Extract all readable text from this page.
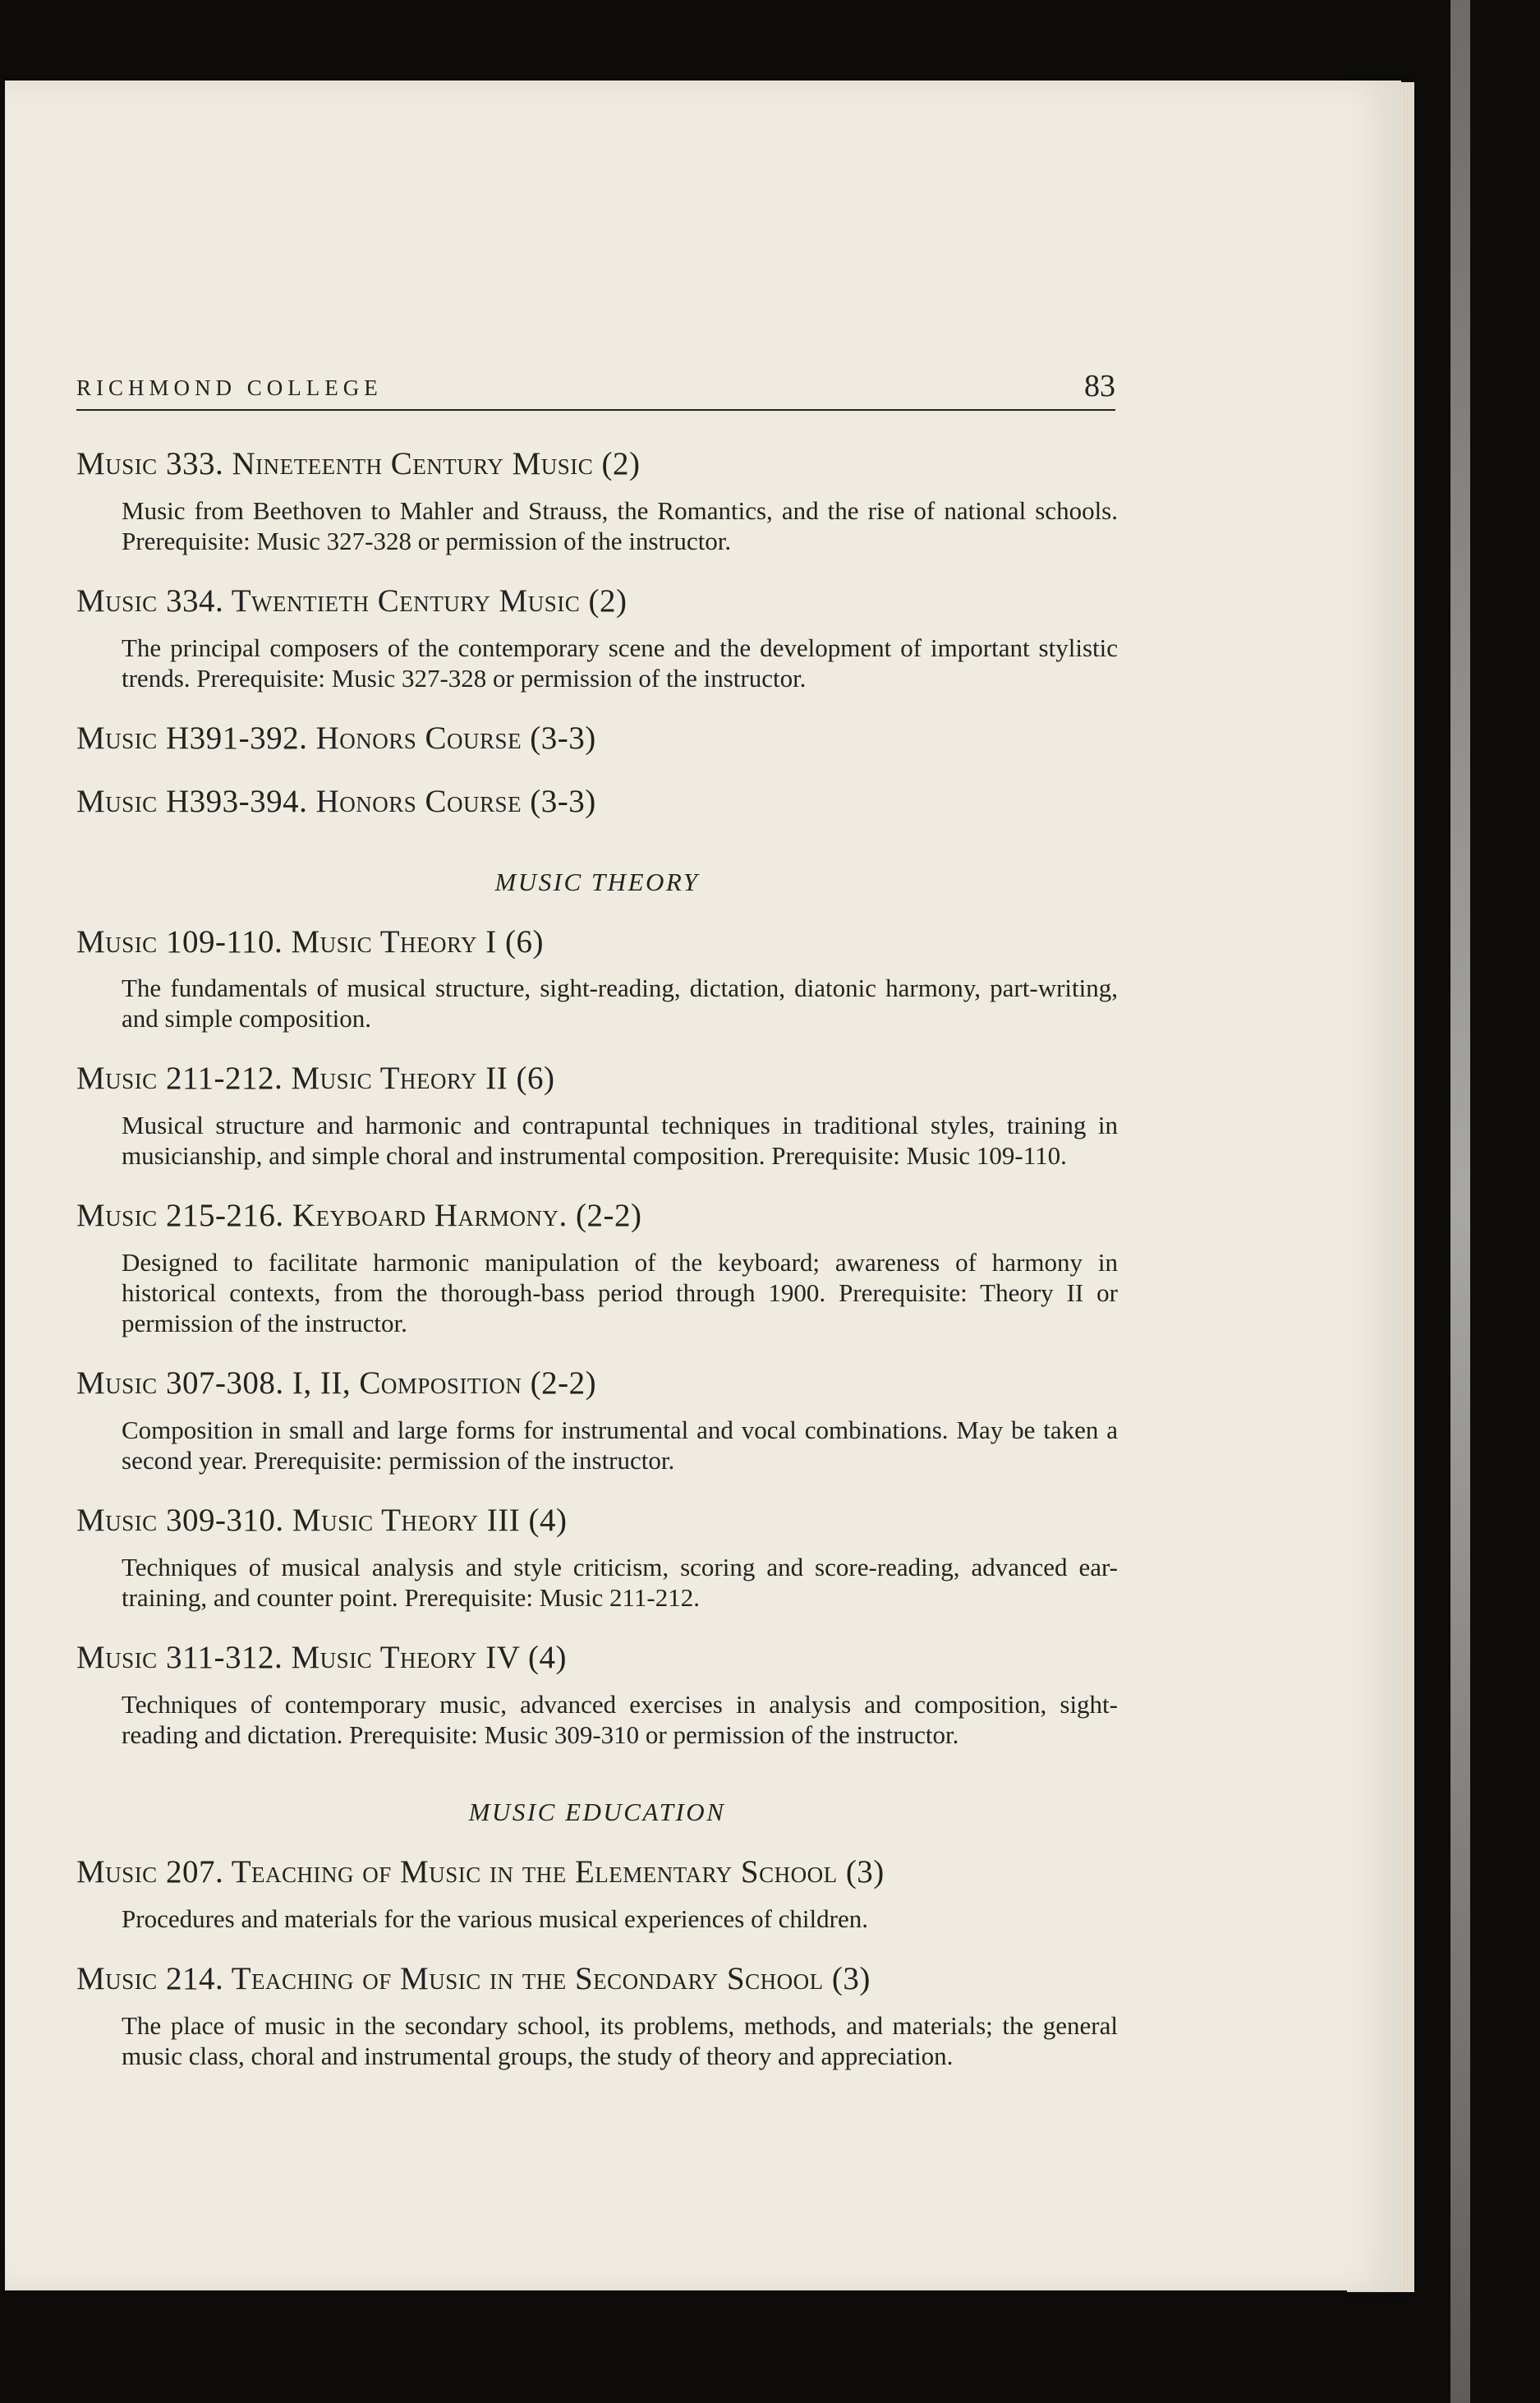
RICHMOND COLLEGE	83
Music 333. Nineteenth Century Music (2)

Music from Beethoven to Mahler and Strauss, the Romantics, and the rise of national schools. Prerequisite: Music 327-328 or permission of the instructor.

Music 334. Twentieth Century Music (2)

The principal composers of the contemporary scene and the development of important stylistic trends. Prerequisite: Music 327-328 or permission of the instructor.

Music H391-392. Honors Course (3-3)
Music H393-394. Honors Course (3-3)
MUSIC THEORY
Music 109-110. Music Theory I (6)

The fundamentals of musical structure, sight-reading, dictation, diatonic harmony, part-writing, and simple composition.

Music 211-212. Music Theory II (6)

Musical structure and harmonic and contrapuntal techniques in traditional styles, training in musicianship, and simple choral and instrumental composition. Prerequisite: Music 109-110.

Music 215-216. Keyboard Harmony. (2-2)

Designed to facilitate harmonic manipulation of the keyboard; awareness of harmony in historical contexts, from the thorough-bass period through 1900. Prerequisite: Theory II or permission of the instructor.

Music 307-308. I, II, Composition (2-2)

Composition in small and large forms for instrumental and vocal combinations. May be taken a second year. Prerequisite: permission of the instructor.

Music 309-310. Music Theory III (4)

Techniques of musical analysis and style criticism, scoring and score-reading, advanced ear-training, and counter point. Prerequisite: Music 211-212.

Music 311-312. Music Theory IV (4)

Techniques of contemporary music, advanced exercises in analysis and composition, sight-reading and dictation. Prerequisite: Music 309-310 or permission of the instructor.

MUSIC EDUCATION
Music 207. Teaching of Music in the Elementary School (3)

Procedures and materials for the various musical experiences of children.

Music 214. Teaching of Music in the Secondary School (3)

The place of music in the secondary school, its problems, methods, and materials; the general music class, choral and instrumental groups, the study of theory and appreciation.
